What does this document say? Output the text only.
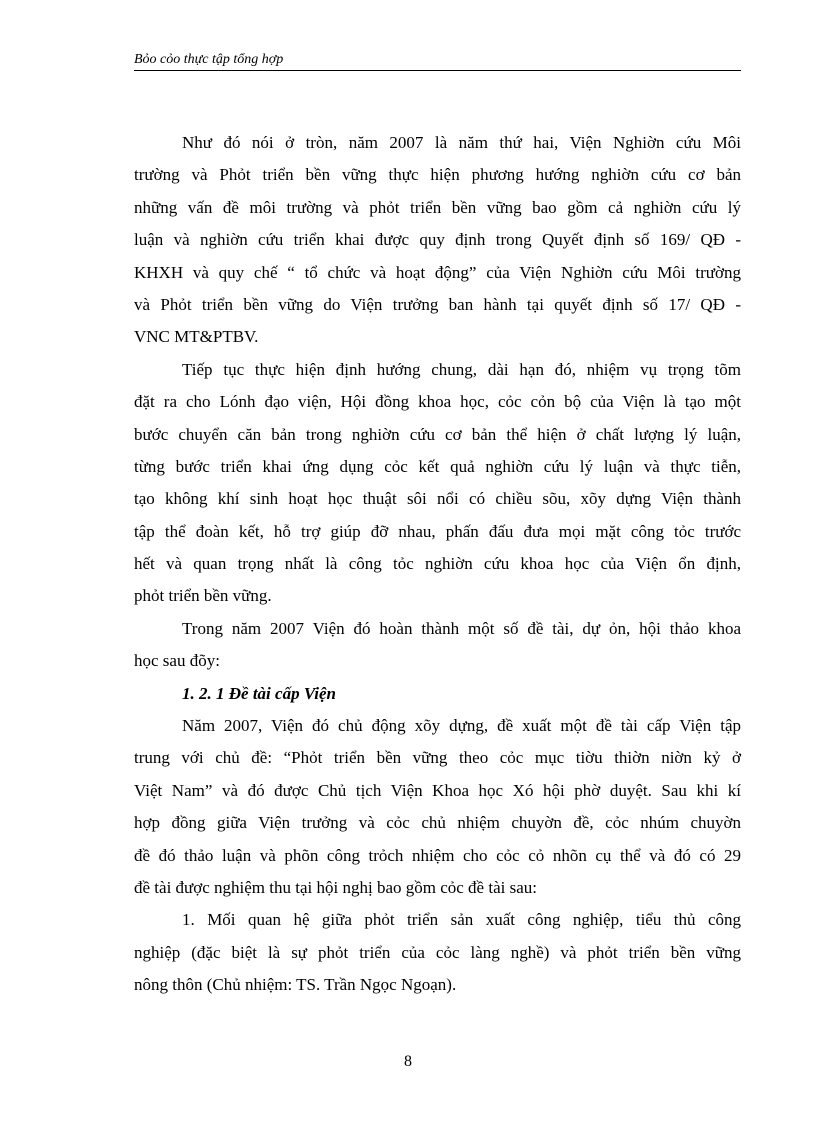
Bỏo cỏo thực tập tổng hợp
Như đó nói ở tròn, năm 2007 là năm thứ hai, Viện Nghiờn cứu Môi
trường và Phỏt triển bền vững thực hiện phương hướng nghiờn cứu cơ bản
những vấn đề môi trường và phỏt triển bền vững bao gồm cả nghiờn cứu lý
luận và nghiờn cứu triển khai được quy định trong Quyết định số 169/ QĐ -
KHXH và quy chế “ tổ chức và hoạt động” của Viện Nghiờn cứu Môi trường
và Phỏt triển bền vững do Viện trưởng ban hành tại quyết định số 17/ QĐ -
VNC MT&PTBV.
Tiếp tục thực hiện định hướng chung, dài hạn đó, nhiệm vụ trọng tõm
đặt ra cho Lónh đạo viện, Hội đồng khoa học, cỏc cỏn bộ của Viện là tạo một
bước chuyển căn bản trong nghiờn cứu cơ bản thể hiện ở chất lượng lý luận,
từng bước triển khai ứng dụng cỏc kết quả nghiờn cứu lý luận và thực tiễn,
tạo không khí sinh hoạt học thuật sôi nổi có chiều sõu, xõy dựng Viện thành
tập thể đoàn kết, hỗ trợ giúp đỡ nhau, phấn đấu đưa mọi mặt công tỏc trước
hết và quan trọng nhất là công tỏc nghiờn cứu khoa học của Viện ổn định,
phỏt triển bền vững.
Trong năm 2007 Viện đó hoàn thành một số đề tài, dự ỏn, hội thảo khoa
học sau đõy:
1. 2. 1 Đề tài cấp Viện
Năm 2007, Viện đó chủ động xõy dựng, đề xuất một đề tài cấp Viện tập
trung với chủ đề: “Phỏt triển bền vững theo cỏc mục tiờu thiờn niờn kỷ ở
Việt Nam” và đó được Chủ tịch Viện Khoa học Xó hội phờ duyệt. Sau khi kí
hợp đồng giữa Viện trưởng và cỏc chủ nhiệm chuyờn đề, cỏc nhúm chuyờn
đề đó thảo luận và phõn công trỏch nhiệm cho cỏc cỏ nhõn cụ thể và đó có 29
đề tài được nghiệm thu tại hội nghị bao gồm cỏc đề tài sau:
1. Mối quan hệ giữa phỏt triển sản xuất công nghiệp, tiểu thủ công
nghiệp (đặc biệt là sự phỏt triển của cỏc làng nghề) và phỏt triển bền vững
nông thôn (Chủ nhiệm: TS. Trần Ngọc Ngoạn).
8
